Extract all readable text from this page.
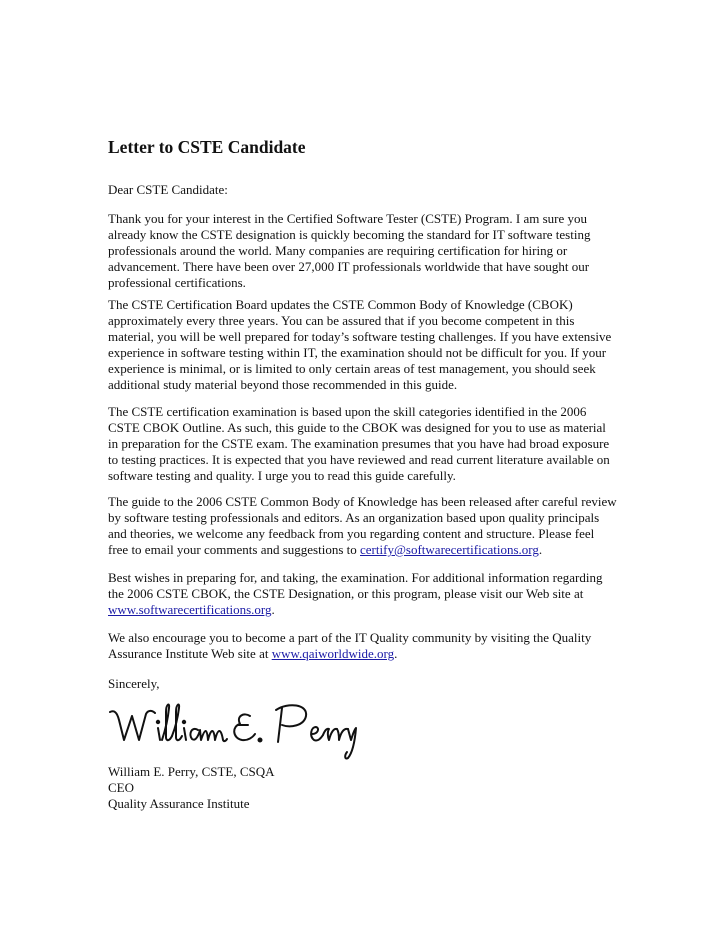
Letter to CSTE Candidate
Dear CSTE Candidate:
Thank you for your interest in the Certified Software Tester (CSTE) Program. I am sure you
already know the CSTE designation is quickly becoming the standard for IT software testing
professionals around the world. Many companies are requiring certification for hiring or
advancement. There have been over 27,000 IT professionals worldwide that have sought our
professional certifications.
The CSTE Certification Board updates the CSTE Common Body of Knowledge (CBOK)
approximately every three years. You can be assured that if you become competent in this
material, you will be well prepared for today’s software testing challenges. If you have extensive
experience in software testing within IT, the examination should not be difficult for you. If your
experience is minimal, or is limited to only certain areas of test management, you should seek
additional study material beyond those recommended in this guide.
The CSTE certification examination is based upon the skill categories identified in the 2006
CSTE CBOK Outline. As such, this guide to the CBOK was designed for you to use as material
in preparation for the CSTE exam. The examination presumes that you have had broad exposure
to testing practices. It is expected that you have reviewed and read current literature available on
software testing and quality. I urge you to read this guide carefully.
The guide to the 2006 CSTE Common Body of Knowledge has been released after careful review
by software testing professionals and editors. As an organization based upon quality principals
and theories, we welcome any feedback from you regarding content and structure. Please feel
free to email your comments and suggestions to certify@softwarecertifications.org.
Best wishes in preparing for, and taking, the examination. For additional information regarding
the 2006 CSTE CBOK, the CSTE Designation, or this program, please visit our Web site at
www.softwarecertifications.org.
We also encourage you to become a part of the IT Quality community by visiting the Quality
Assurance Institute Web site at www.qaiworldwide.org.
Sincerely,
William E. Perry, CSTE, CSQA
CEO
Quality Assurance Institute
